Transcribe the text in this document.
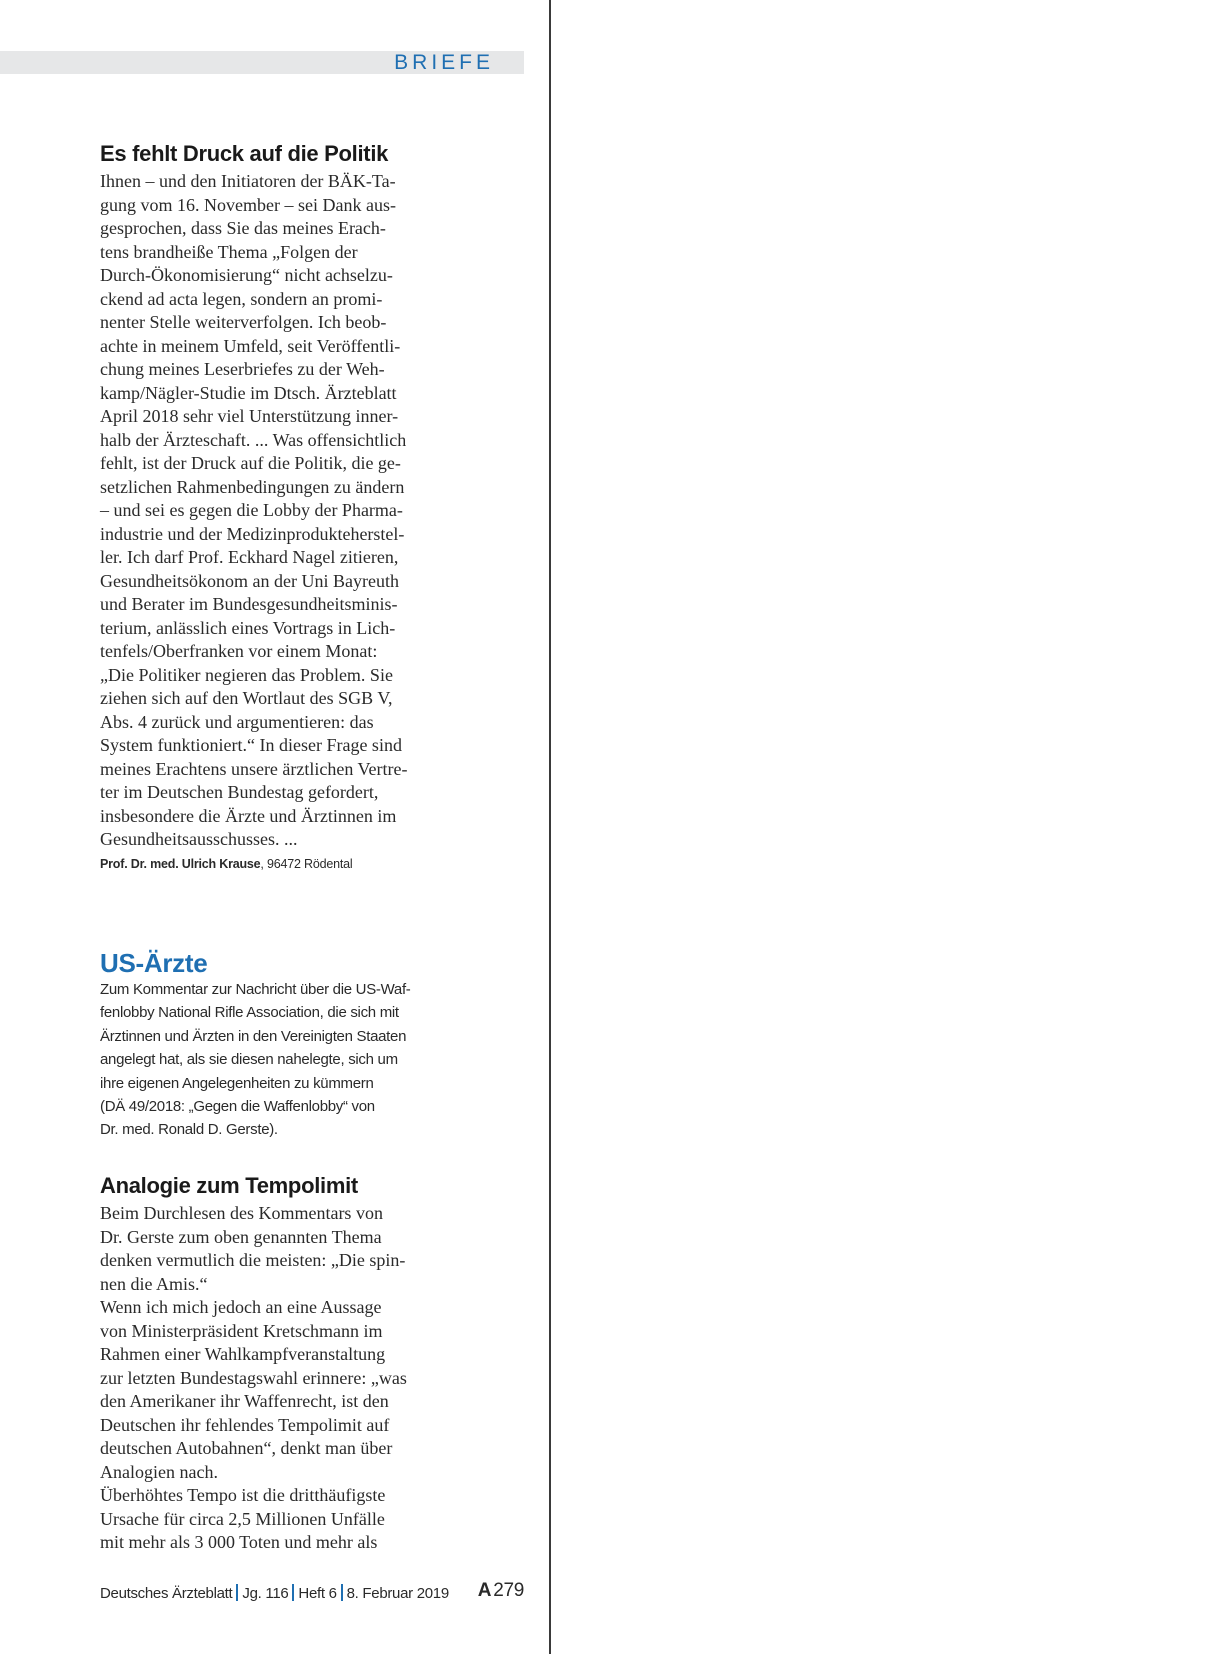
BRIEFE
Es fehlt Druck auf die Politik
Ihnen – und den Initiatoren der BÄK-Ta-
gung vom 16. November – sei Dank aus-
gesprochen, dass Sie das meines Erach-
tens brandheiße Thema „Folgen der
Durch-Ökonomisierung“ nicht achselzu-
ckend ad acta legen, sondern an promi-
nenter Stelle weiterverfolgen. Ich beob-
achte in meinem Umfeld, seit Veröffentli-
chung meines Leserbriefes zu der Weh-
kamp/Nägler-Studie im Dtsch. Ärzteblatt
April 2018 sehr viel Unterstützung inner-
halb der Ärzteschaft. ... Was offensichtlich
fehlt, ist der Druck auf die Politik, die ge-
setzlichen Rahmenbedingungen zu ändern
– und sei es gegen die Lobby der Pharma-
industrie und der Medizinprodukteherstel-
ler. Ich darf Prof. Eckhard Nagel zitieren,
Gesundheitsökonom an der Uni Bayreuth
und Berater im Bundesgesundheitsminis-
terium, anlässlich eines Vortrags in Lich-
tenfels/Oberfranken vor einem Monat:
„Die Politiker negieren das Problem. Sie
ziehen sich auf den Wortlaut des SGB V,
Abs. 4 zurück und argumentieren: das
System funktioniert.“ In dieser Frage sind
meines Erachtens unsere ärztlichen Vertre-
ter im Deutschen Bundestag gefordert,
insbesondere die Ärzte und Ärztinnen im
Gesundheitsausschusses. ...

Prof. Dr. med. Ulrich Krause, 96472 Rödental

US-Ärzte
Zum Kommentar zur Nachricht über die US-Waf-
fenlobby National Rifle Association, die sich mit
Ärztinnen und Ärzten in den Vereinigten Staaten
angelegt hat, als sie diesen nahelegte, sich um
ihre eigenen Angelegenheiten zu kümmern
(DÄ 49/2018: „Gegen die Waffenlobby“ von
Dr. med. Ronald D. Gerste).
Analogie zum Tempolimit
Beim Durchlesen des Kommentars von
Dr. Gerste zum oben genannten Thema
denken vermutlich die meisten: „Die spin-
nen die Amis.“
Wenn ich mich jedoch an eine Aussage
von Ministerpräsident Kretschmann im
Rahmen einer Wahlkampfveranstaltung
zur letzten Bundestagswahl erinnere: „was
den Amerikaner ihr Waffenrecht, ist den
Deutschen ihr fehlendes Tempolimit auf
deutschen Autobahnen“, denkt man über
Analogien nach.
Überhöhtes Tempo ist die dritthäufigste
Ursache für circa 2,5 Millionen Unfälle
mit mehr als 3 000 Toten und mehr als
Deutsches Ärzteblatt Jg. 116 Heft 6 8. Februar 2019 A 279
